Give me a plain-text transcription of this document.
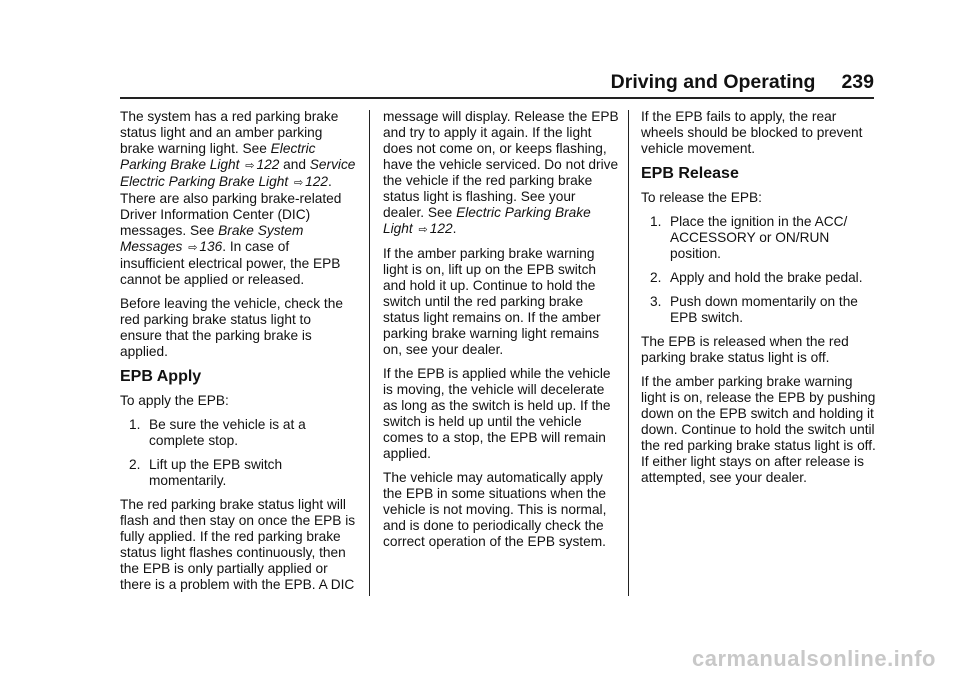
Driving and Operating 239

The system has a red parking brake status light and an amber parking brake warning light. See Electric Parking Brake Light ⇨ 122 and Service Electric Parking Brake Light ⇨ 122. There are also parking brake-related Driver Information Center (DIC) messages. See Brake System Messages ⇨ 136. In case of insufficient electrical power, the EPB cannot be applied or released.

Before leaving the vehicle, check the red parking brake status light to ensure that the parking brake is applied.

EPB Apply

To apply the EPB:

1. Be sure the vehicle is at a complete stop.
2. Lift up the EPB switch momentarily.

The red parking brake status light will flash and then stay on once the EPB is fully applied. If the red parking brake status light flashes continuously, then the EPB is only partially applied or there is a problem with the EPB. A DIC

message will display. Release the EPB and try to apply it again. If the light does not come on, or keeps flashing, have the vehicle serviced. Do not drive the vehicle if the red parking brake status light is flashing. See your dealer. See Electric Parking Brake Light ⇨ 122.

If the amber parking brake warning light is on, lift up on the EPB switch and hold it up. Continue to hold the switch until the red parking brake status light remains on. If the amber parking brake warning light remains on, see your dealer.

If the EPB is applied while the vehicle is moving, the vehicle will decelerate as long as the switch is held up. If the switch is held up until the vehicle comes to a stop, the EPB will remain applied.

The vehicle may automatically apply the EPB in some situations when the vehicle is not moving. This is normal, and is done to periodically check the correct operation of the EPB system.

If the EPB fails to apply, the rear wheels should be blocked to prevent vehicle movement.

EPB Release

To release the EPB:

1. Place the ignition in the ACC/ ACCESSORY or ON/RUN position.
2. Apply and hold the brake pedal.
3. Push down momentarily on the EPB switch.

The EPB is released when the red parking brake status light is off.

If the amber parking brake warning light is on, release the EPB by pushing down on the EPB switch and holding it down. Continue to hold the switch until the red parking brake status light is off. If either light stays on after release is attempted, see your dealer.

carmanualsonline.info
